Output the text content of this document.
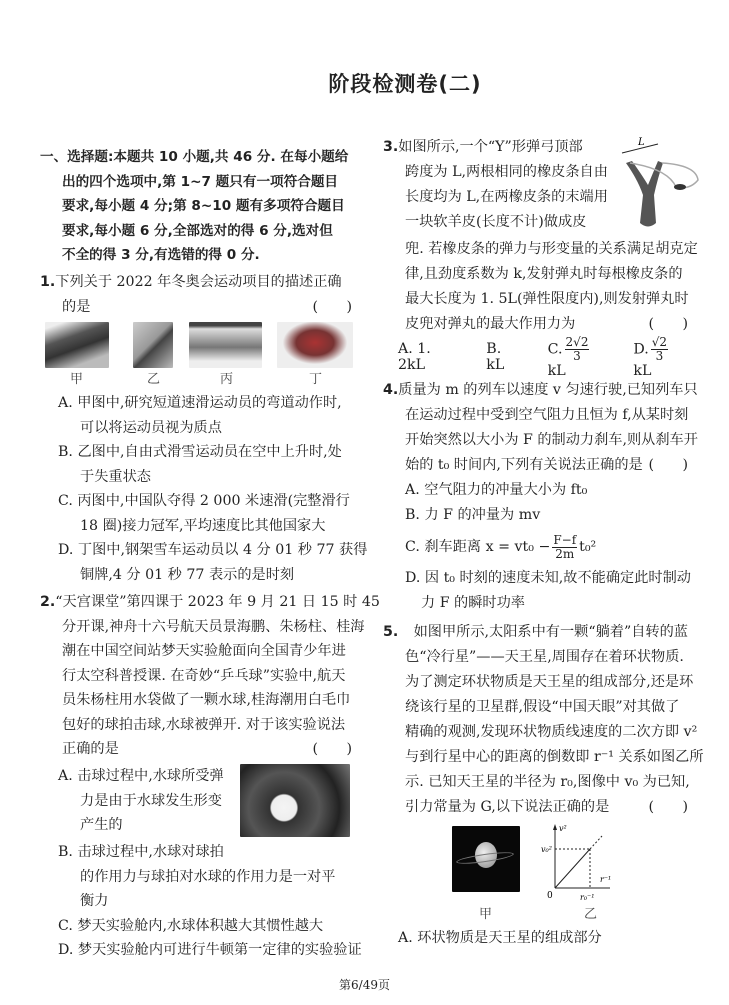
阶段检测卷(二)
一、选择题:本题共 10 小题,共 46 分. 在每小题给
出的四个选项中,第 1~7 题只有一项符合题目
要求,每小题 4 分;第 8~10 题有多项符合题目
要求,每小题 6 分,全部选对的得 6 分,选对但
不全的得 3 分,有选错的得 0 分.
1. 下列关于 2022 年冬奥会运动项目的描述正确
的是	(　　)
甲	乙	丙	丁
A. 甲图中,研究短道速滑运动员的弯道动作时,
可以将运动员视为质点
B. 乙图中,自由式滑雪运动员在空中上升时,处
于失重状态
C. 丙图中,中国队夺得 2 000 米速滑(完整滑行
18 圈)接力冠军,平均速度比其他国家大
D. 丁图中,钢架雪车运动员以 4 分 01 秒 77 获得
铜牌,4 分 01 秒 77 表示的是时刻
2. “天宫课堂”第四课于 2023 年 9 月 21 日 15 时 45
分开课,神舟十六号航天员景海鹏、朱杨柱、桂海
潮在中国空间站梦天实验舱面向全国青少年进
行太空科普授课. 在奇妙“乒乓球”实验中,航天
员朱杨柱用水袋做了一颗水球,桂海潮用白毛巾
包好的球拍击球,水球被弹开. 对于该实验说法
正确的是	(　　)
A. 击球过程中,水球所受弹
力是由于水球发生形变
产生的
B. 击球过程中,水球对球拍
的作用力与球拍对水球的作用力是一对平
衡力
C. 梦天实验舱内,水球体积越大其惯性越大
D. 梦天实验舱内可进行牛顿第一定律的实验验证
3. 如图所示,一个“Y”形弹弓顶部
跨度为 L,两根相同的橡皮条自由
长度均为 L,在两橡皮条的末端用
一块软羊皮(长度不计)做成皮
L
兜. 若橡皮条的弹力与形变量的关系满足胡克定
律,且劲度系数为 k,发射弹丸时每根橡皮条的
最大长度为 1. 5L(弹性限度内),则发射弹丸时
皮兜对弹丸的最大作用力为	(　　)
A. 1. 2kL
B. kL
C. $\frac{2√2}{3}$
kL
D. $\frac{√2}{3}$
kL
4. 质量为 m 的列车以速度 v 匀速行驶,已知列车只
在运动过程中受到空气阻力且恒为 f,从某时刻
开始突然以大小为 F 的制动力刹车,则从刹车开
始的 t₀ 时间内,下列有关说法正确的是 (　　)
A. 空气阻力的冲量大小为 ft₀
B. 力 F 的冲量为 mv
C. 刹车距离 $x = vt_0 - \frac{F-f}{2m} t_0^2$
D. 因 t₀ 时刻的速度未知,故不能确定此时制动
力 F 的瞬时功率
5. 如图甲所示,太阳系中有一颗“躺着”自转的蓝
色“冷行星”——天王星,周围存在着环状物质.
为了测定环状物质是天王星的组成部分,还是环
绕该行星的卫星群,假设“中国天眼”对其做了
精确的观测,发现环状物质线速度的二次方即 v²
与到行星中心的距离的倒数即 r⁻¹ 关系如图乙所
示. 已知天王星的半径为 r₀,图像中 v₀ 为已知,
引力常量为 G,以下说法正确的是	(　　)
v²
v₀²
0	r₀⁻¹
r⁻¹
甲	乙
A. 环状物质是天王星的组成部分
第6/49页
